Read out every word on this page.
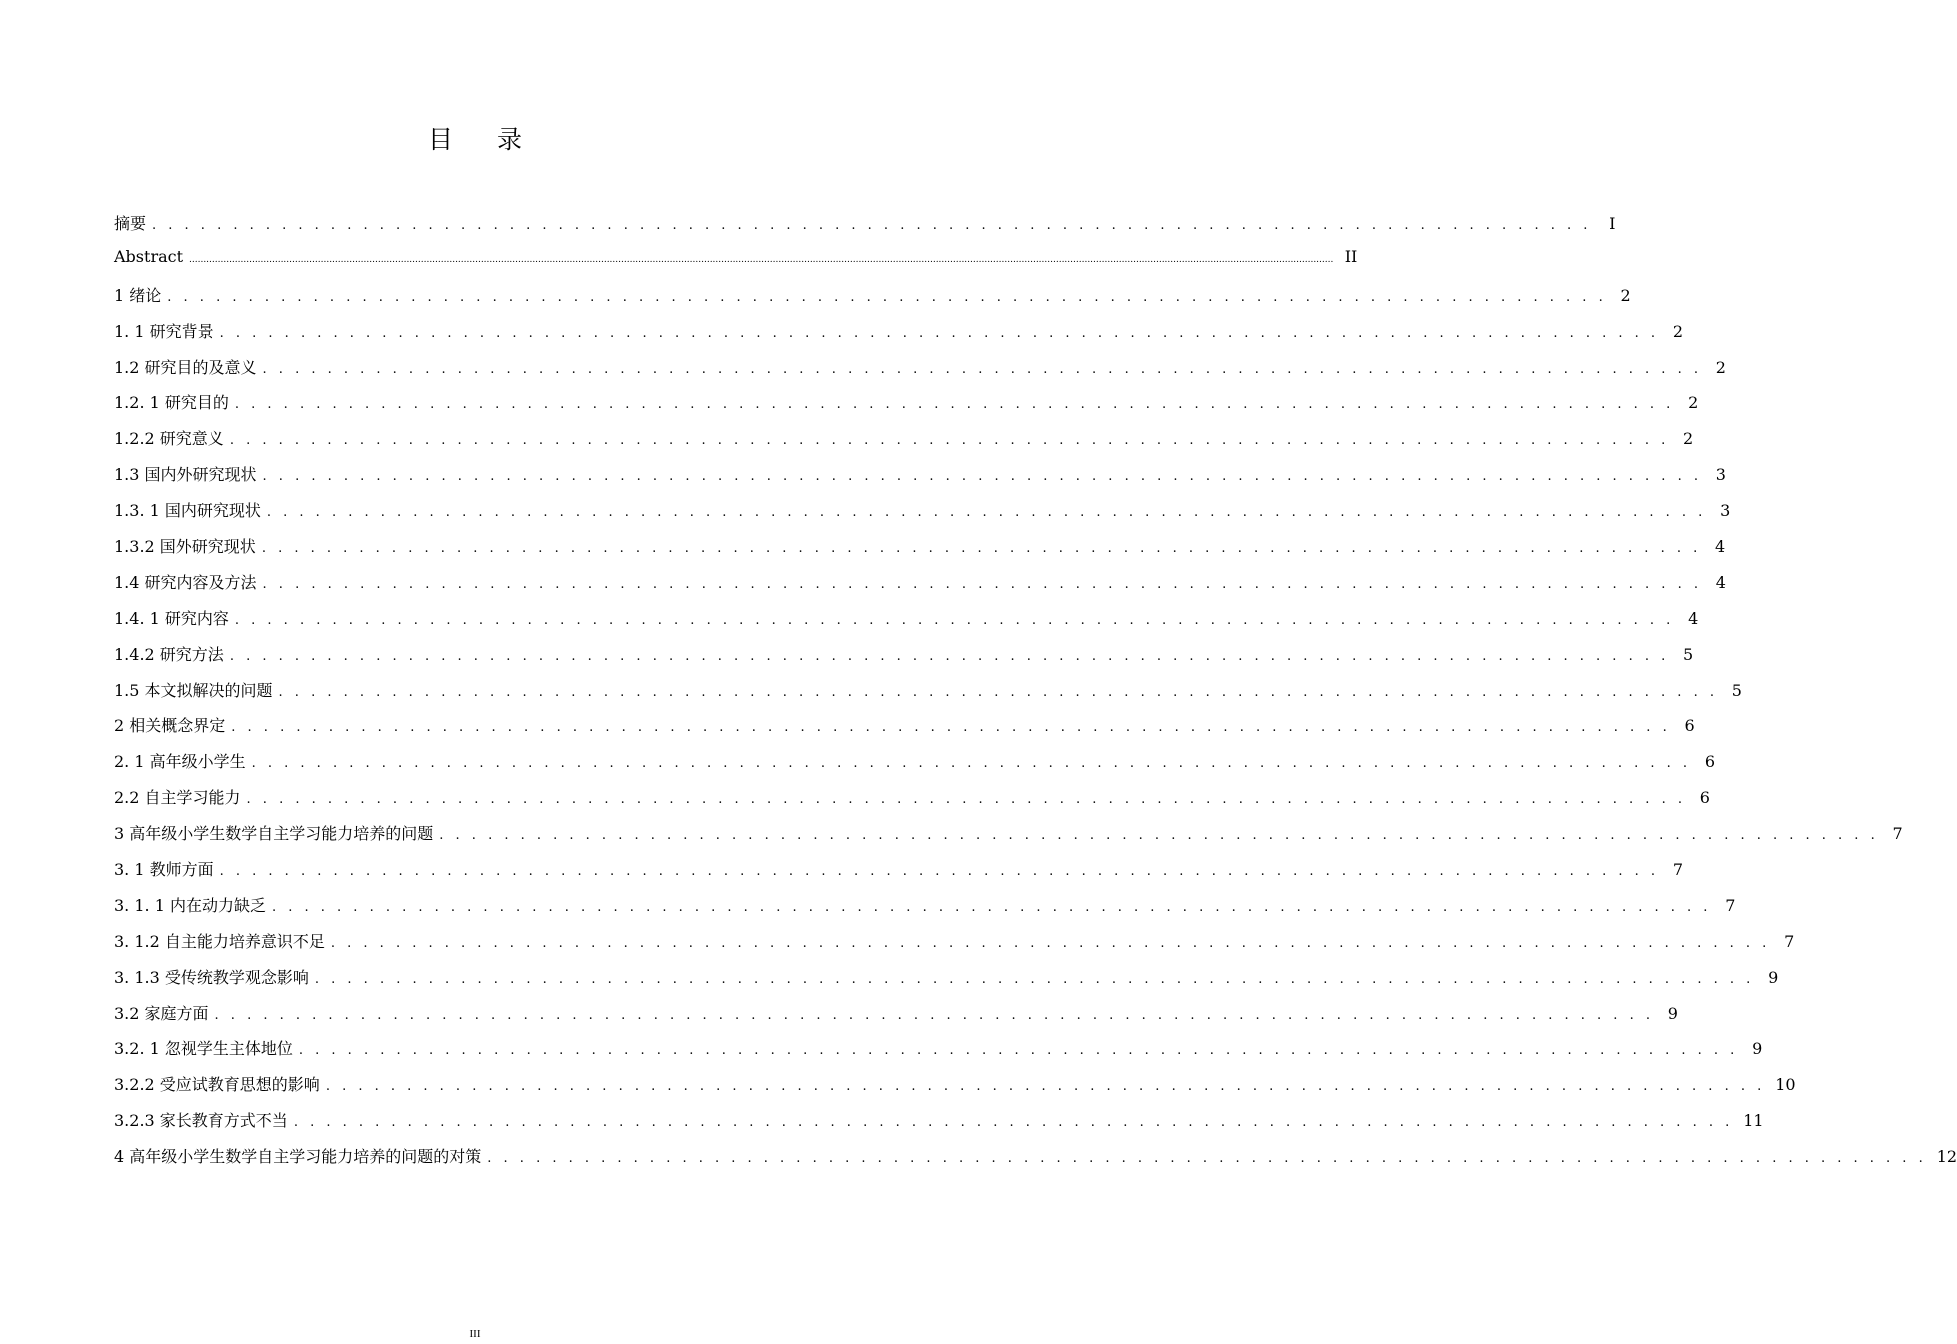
目 录
摘要 . . . . . . . . . . . . . . . . . . . . . . . . . . . . . . . . . . . . . . . . . . . . . . . . . . . . . . . . . . . . . . . . . . . . . . . . . . . . . . . . . . . . . . . . .	I
Abstract ................................................................................................................................................................................................................................................................................................................................................................................................................ II
1 绪论 . . . . . . . . . . . . . . . . . . . . . . . . . . . . . . . . . . . . . . . . . . . . . . . . . . . . . . . . . . . . . . . . . . . . . . . . . . . . . . . . . . . . . . . . . 2
1. 1 研究背景 . . . . . . . . . . . . . . . . . . . . . . . . . . . . . . . . . . . . . . . . . . . . . . . . . . . . . . . . . . . . . . . . . . . . . . . . . . . . . . . . . . . . . . . . . 2
1.2 研究目的及意义 . . . . . . . . . . . . . . . . . . . . . . . . . . . . . . . . . . . . . . . . . . . . . . . . . . . . . . . . . . . . . . . . . . . . . . . . . . . . . . . . . . . . . . . . . 2
1.2. 1 研究目的 . . . . . . . . . . . . . . . . . . . . . . . . . . . . . . . . . . . . . . . . . . . . . . . . . . . . . . . . . . . . . . . . . . . . . . . . . . . . . . . . . . . . . . . . . 2
1.2.2 研究意义 . . . . . . . . . . . . . . . . . . . . . . . . . . . . . . . . . . . . . . . . . . . . . . . . . . . . . . . . . . . . . . . . . . . . . . . . . . . . . . . . . . . . . . . . . 2
1.3 国内外研究现状 . . . . . . . . . . . . . . . . . . . . . . . . . . . . . . . . . . . . . . . . . . . . . . . . . . . . . . . . . . . . . . . . . . . . . . . . . . . . . . . . . . . . . . . . . 3
1.3. 1 国内研究现状 . . . . . . . . . . . . . . . . . . . . . . . . . . . . . . . . . . . . . . . . . . . . . . . . . . . . . . . . . . . . . . . . . . . . . . . . . . . . . . . . . . . . . . . . . 3
1.3.2 国外研究现状 . . . . . . . . . . . . . . . . . . . . . . . . . . . . . . . . . . . . . . . . . . . . . . . . . . . . . . . . . . . . . . . . . . . . . . . . . . . . . . . . . . . . . . . . . 4
1.4 研究内容及方法 . . . . . . . . . . . . . . . . . . . . . . . . . . . . . . . . . . . . . . . . . . . . . . . . . . . . . . . . . . . . . . . . . . . . . . . . . . . . . . . . . . . . . . . . . 4
1.4. 1 研究内容 . . . . . . . . . . . . . . . . . . . . . . . . . . . . . . . . . . . . . . . . . . . . . . . . . . . . . . . . . . . . . . . . . . . . . . . . . . . . . . . . . . . . . . . . . 4
1.4.2 研究方法 . . . . . . . . . . . . . . . . . . . . . . . . . . . . . . . . . . . . . . . . . . . . . . . . . . . . . . . . . . . . . . . . . . . . . . . . . . . . . . . . . . . . . . . . . 5
1.5 本文拟解决的问题 . . . . . . . . . . . . . . . . . . . . . . . . . . . . . . . . . . . . . . . . . . . . . . . . . . . . . . . . . . . . . . . . . . . . . . . . . . . . . . . . . . . . . . . . . 5
2 相关概念界定 . . . . . . . . . . . . . . . . . . . . . . . . . . . . . . . . . . . . . . . . . . . . . . . . . . . . . . . . . . . . . . . . . . . . . . . . . . . . . . . . . . . . . . . . . 6
2. 1 高年级小学生 . . . . . . . . . . . . . . . . . . . . . . . . . . . . . . . . . . . . . . . . . . . . . . . . . . . . . . . . . . . . . . . . . . . . . . . . . . . . . . . . . . . . . . . . . 6
2.2 自主学习能力 . . . . . . . . . . . . . . . . . . . . . . . . . . . . . . . . . . . . . . . . . . . . . . . . . . . . . . . . . . . . . . . . . . . . . . . . . . . . . . . . . . . . . . . . . 6
3 高年级小学生数学自主学习能力培养的问题 . . . . . . . . . . . . . . . . . . . . . . . . . . . . . . . . . . . . . . . . . . . . . . . . . . . . . . . . . . . . . . . . . . . . . . . . . . . . . . . . . . . . . . . . . 7
3. 1 教师方面 . . . . . . . . . . . . . . . . . . . . . . . . . . . . . . . . . . . . . . . . . . . . . . . . . . . . . . . . . . . . . . . . . . . . . . . . . . . . . . . . . . . . . . . . . 7
3. 1. 1 内在动力缺乏 . . . . . . . . . . . . . . . . . . . . . . . . . . . . . . . . . . . . . . . . . . . . . . . . . . . . . . . . . . . . . . . . . . . . . . . . . . . . . . . . . . . . . . . . . 7
3. 1.2 自主能力培养意识不足 . . . . . . . . . . . . . . . . . . . . . . . . . . . . . . . . . . . . . . . . . . . . . . . . . . . . . . . . . . . . . . . . . . . . . . . . . . . . . . . . . . . . . . . . . 7
3. 1.3 受传统教学观念影响 . . . . . . . . . . . . . . . . . . . . . . . . . . . . . . . . . . . . . . . . . . . . . . . . . . . . . . . . . . . . . . . . . . . . . . . . . . . . . . . . . . . . . . . . . 9
3.2 家庭方面 . . . . . . . . . . . . . . . . . . . . . . . . . . . . . . . . . . . . . . . . . . . . . . . . . . . . . . . . . . . . . . . . . . . . . . . . . . . . . . . . . . . . . . . . . 9
3.2. 1 忽视学生主体地位 . . . . . . . . . . . . . . . . . . . . . . . . . . . . . . . . . . . . . . . . . . . . . . . . . . . . . . . . . . . . . . . . . . . . . . . . . . . . . . . . . . . . . . . . . 9
3.2.2 受应试教育思想的影响 . . . . . . . . . . . . . . . . . . . . . . . . . . . . . . . . . . . . . . . . . . . . . . . . . . . . . . . . . . . . . . . . . . . . . . . . . . . . . . . . . . . . . . . . . 10
3.2.3 家长教育方式不当 . . . . . . . . . . . . . . . . . . . . . . . . . . . . . . . . . . . . . . . . . . . . . . . . . . . . . . . . . . . . . . . . . . . . . . . . . . . . . . . . . . . . . . . . . 11
4 高年级小学生数学自主学习能力培养的问题的对策 . . . . . . . . . . . . . . . . . . . . . . . . . . . . . . . . . . . . . . . . . . . . . . . . . . . . . . . . . . . . . . . . . . . . . . . . . . . . . . . . . . . . . . . . . 12
III
